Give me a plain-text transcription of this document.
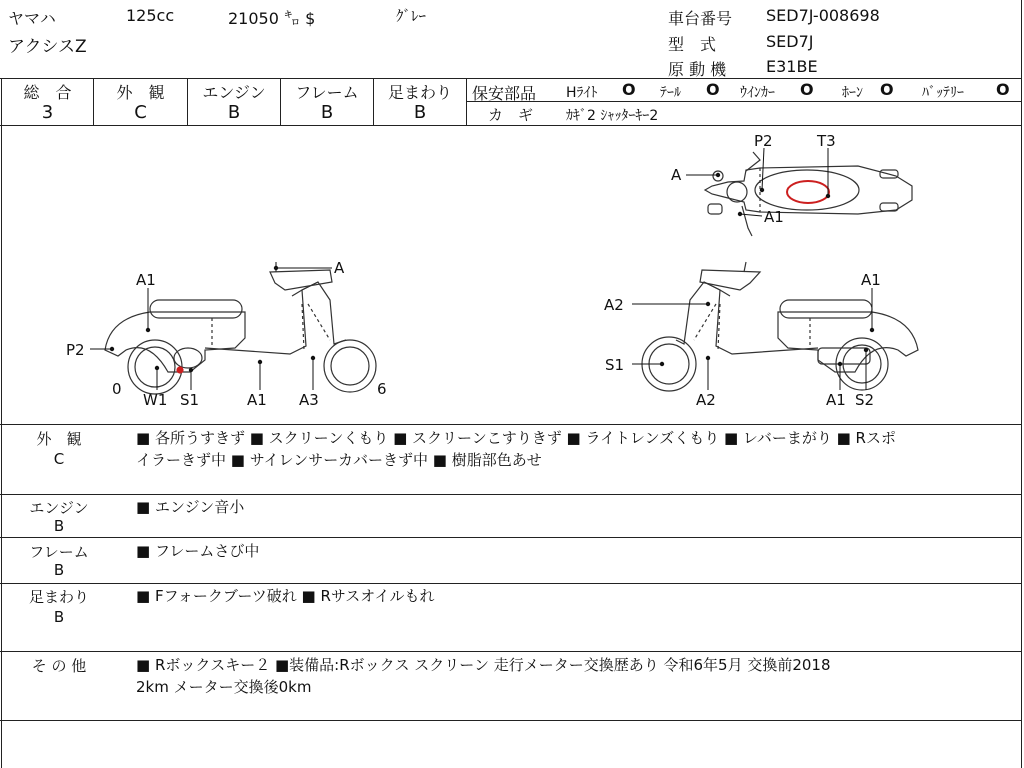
ヤマハ	125cc	21050 ㌔ $	ｸﾞﾚｰ
アクシスZ
車台番号 SED7J-008698
型　式	SED7J
原 動 機 E31BE
総　合
3
外　観
C
エンジン
B
フレーム
B
足まわり
B
保安部品 Hﾗｲﾄ O ﾃｰﾙ O ｳｲﾝｶｰ O ﾎｰﾝ O ﾊﾞｯﾃﾘｰ O
カ　ギ ｶｷﾞ2 ｼｬｯﾀｰｷｰ2
P2	T3
A
A1
A1
A
P2
0	6
W1 S1	A1 A3
A2
A1
S1
A2	A1 S2
外　観
C
■ 各所うすきず ■ スクリーンくもり ■ スクリーンこすりきず ■ ライトレンズくもり ■ レバーまがり ■ Rスポ
イラーきず中 ■ サイレンサーカバーきず中 ■ 樹脂部色あせ
エンジン
B
■ エンジン音小
フレーム
B
■ フレームさび中
足まわり
B
■ Fフォークブーツ破れ ■ Rサスオイルもれ
そ の 他	■ Rボックスキー２ ■装備品:Rボックス スクリーン 走行メーター交換歴あり 令和6年5月 交換前2018
2km メーター交換後0km
